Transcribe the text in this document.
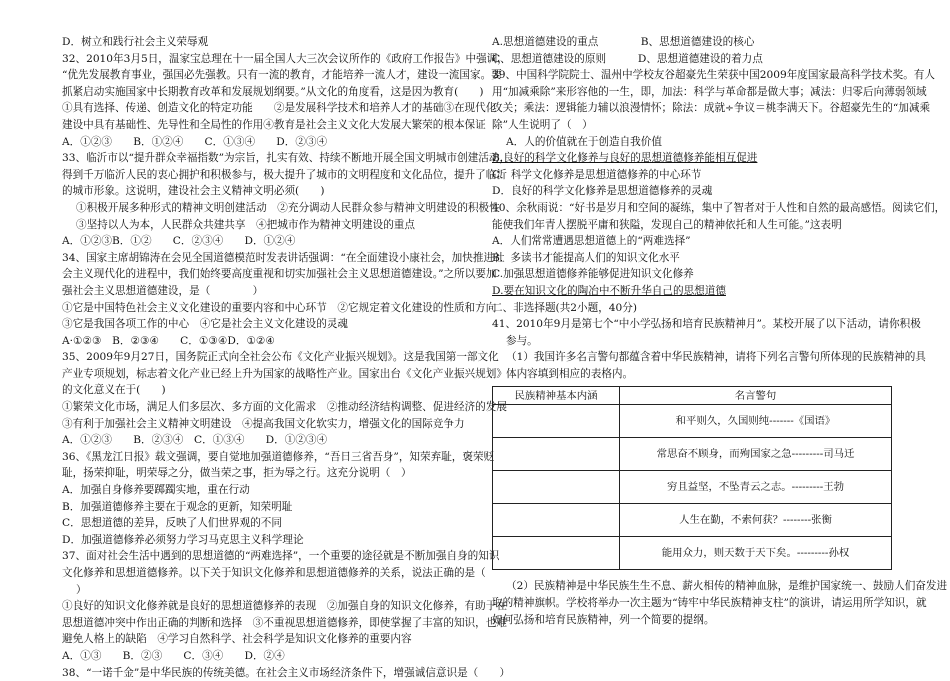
D．树立和践行社会主义荣辱观
32、2010年3月5日，温家宝总理在十一届全国人大三次会议所作的《政府工作报告》中强调，
“优先发展教育事业，强国必先强教。只有一流的教育，才能培养一流人才，建设一流国家。要
抓紧启动实施国家中长期教育改革和发展规划纲要。”从文化的角度看，这是因为教育(　　)
①具有选择、传递、创造文化的特定功能　　②是发展科学技术和培养人才的基础③在现代化
建设中具有基础性、先导性和全局性的作用④教育是社会主义文化大发展大繁荣的根本保证
A．①②③　　B．①②④　　C．①③④　　D．②③④
33、临沂市以“提升群众幸福指数”为宗旨，扎实有效、持续不断地开展全国文明城市创建活动，
得到千万临沂人民的衷心拥护和积极参与，极大提升了城市的文明程度和文化品位，提升了临沂
的城市形象。这说明，建设社会主义精神文明必须(　　)
①积极开展多种形式的精神文明创建活动　②充分调动人民群众参与精神文明建设的积极性
③坚持以人为本，人民群众共建共享　④把城市作为精神文明建设的重点
A．①②③B．①②　　C．②③④　　D．①②④
34、国家主席胡锦涛在会见全国道德模范时发表讲话强调：“在全面建设小康社会，加快推进社
会主义现代化的进程中，我们始终要高度重视和切实加强社会主义思想道德建设。”之所以要加
强社会主义思想道德建设，是（　　　　）
①它是中国特色社会主义文化建设的重要内容和中心环节　②它规定着文化建设的性质和方向
③它是我国各项工作的中心　④它是社会主义文化建设的灵魂
A·①②③　B．②③④　　C．①③④D．①②④
35、2009年9月27日，国务院正式向全社会公布《文化产业振兴规划》。这是我国第一部文化
产业专项规划，标志着文化产业已经上升为国家的战略性产业。国家出台《文化产业振兴规划》
的文化意义在于(　　)
①繁荣文化市场，满足人们多层次、多方面的文化需求　②推动经济结构调整、促进经济的发展
③有利于加强社会主义精神文明建设　④提高我国文化软实力，增强文化的国际竞争力
A．①②③　　B．②③④　C．①③④　　D．①②③④
36、《黑龙江日报》载文强调，要自觉地加强道德修养，“吾日三省吾身”，知荣弃耻，褒荣贬
耻，扬荣抑耻，明荣辱之分，做当荣之事，拒为辱之行。这充分说明（　）
A．加强自身修养要踯躅实地，重在行动
B．加强道德修养主要在于观念的更新，知荣明耻
C．思想道德的差异，反映了人们世界观的不同
D．加强道德修养必须努力学习马克思主义科学理论
37、面对社会生活中遇到的思想道德的“两难选择”，一个重要的途径就是不断加强自身的知识
文化修养和思想道德修养。以下关于知识文化修养和思想道德修养的关系，说法正确的是（
）
①良好的知识文化修养就是良好的思想道德修养的表现　②加强自身的知识文化修养，有助于在
思想道德冲突中作出正确的判断和选择　③不重视思想道德修养，即使掌握了丰富的知识，也难
避免人格上的缺陷　④学习自然科学、社会科学是知识文化修养的重要内容
A．①③　　B．②③　　C．③④　　D．②④
38、“一诺千金”是中华民族的传统美德。在社会主义市场经济条件下，增强诚信意识是（　　）
A.思想道德建设的重点　　　　B、思想道德建设的核心
C、思想道德建设的原则　　　D、思想道德建设的着力点
39、中国科学院院士、温州中学校友谷超豪先生荣获中国2009年度国家最高科学技术奖。有人
用“加减乘除”来形容他的一生，即，加法：科学与革命都是做大事；减法：归零后向薄弱领域
攻关；乘法：逻辑能力辅以浪漫情怀；除法：成就÷争议＝桃李满天下。谷超豪先生的“加减乘
除”人生说明了（　）
A．人的价值就在于创造自我价值
B.良好的科学文化修养与良好的思想道德修养能相互促进
C．科学文化修养是思想道德修养的中心环节
D．良好的科学文化修养是思想道德修养的灵魂
40、余秋雨说：“好书是岁月和空间的凝练，集中了智者对于人性和自然的最高感悟。阅读它们，
能使我们年青人摆脱平庸和狭隘，发现自己的精神依托和人生可能。”这表明
A．人们常常遭遇思想道德上的“两难选择”
B．多读书才能提高人们的知识文化水平
C.加强思想道德修养能够促进知识文化修养
D.要在知识文化的陶冶中不断升华自己的思想道德
二、非选择题(共2小题，40分)
41、2010年9月是第七个“中小学弘扬和培育民族精神月”。某校开展了以下活动，请你积极
参与。
（1）我国许多名言警句都蕴含着中华民族精神，请将下列名言警句所体现的民族精神的具
体内容填到相应的表格内。
民族精神基本内涵	名言警句
	和平则久，久国则纯-------《国语》
	常思奋不顾身，而殉国家之急---------司马迁
	穷且益坚，不坠青云之志。---------王勃
	人生在勤，不索何获？--------张衡
	能用众力，则天数于天下矣。---------孙权
（2）民族精神是中华民族生生不息、薪火相传的精神血脉，是维护国家统一、鼓励人们奋发进
取的精神旗帜。学校将举办一次主题为“铸牢中华民族精神支柱”的演讲，请运用所学知识，就
如何弘扬和培育民族精神，列一个简要的提纲。
